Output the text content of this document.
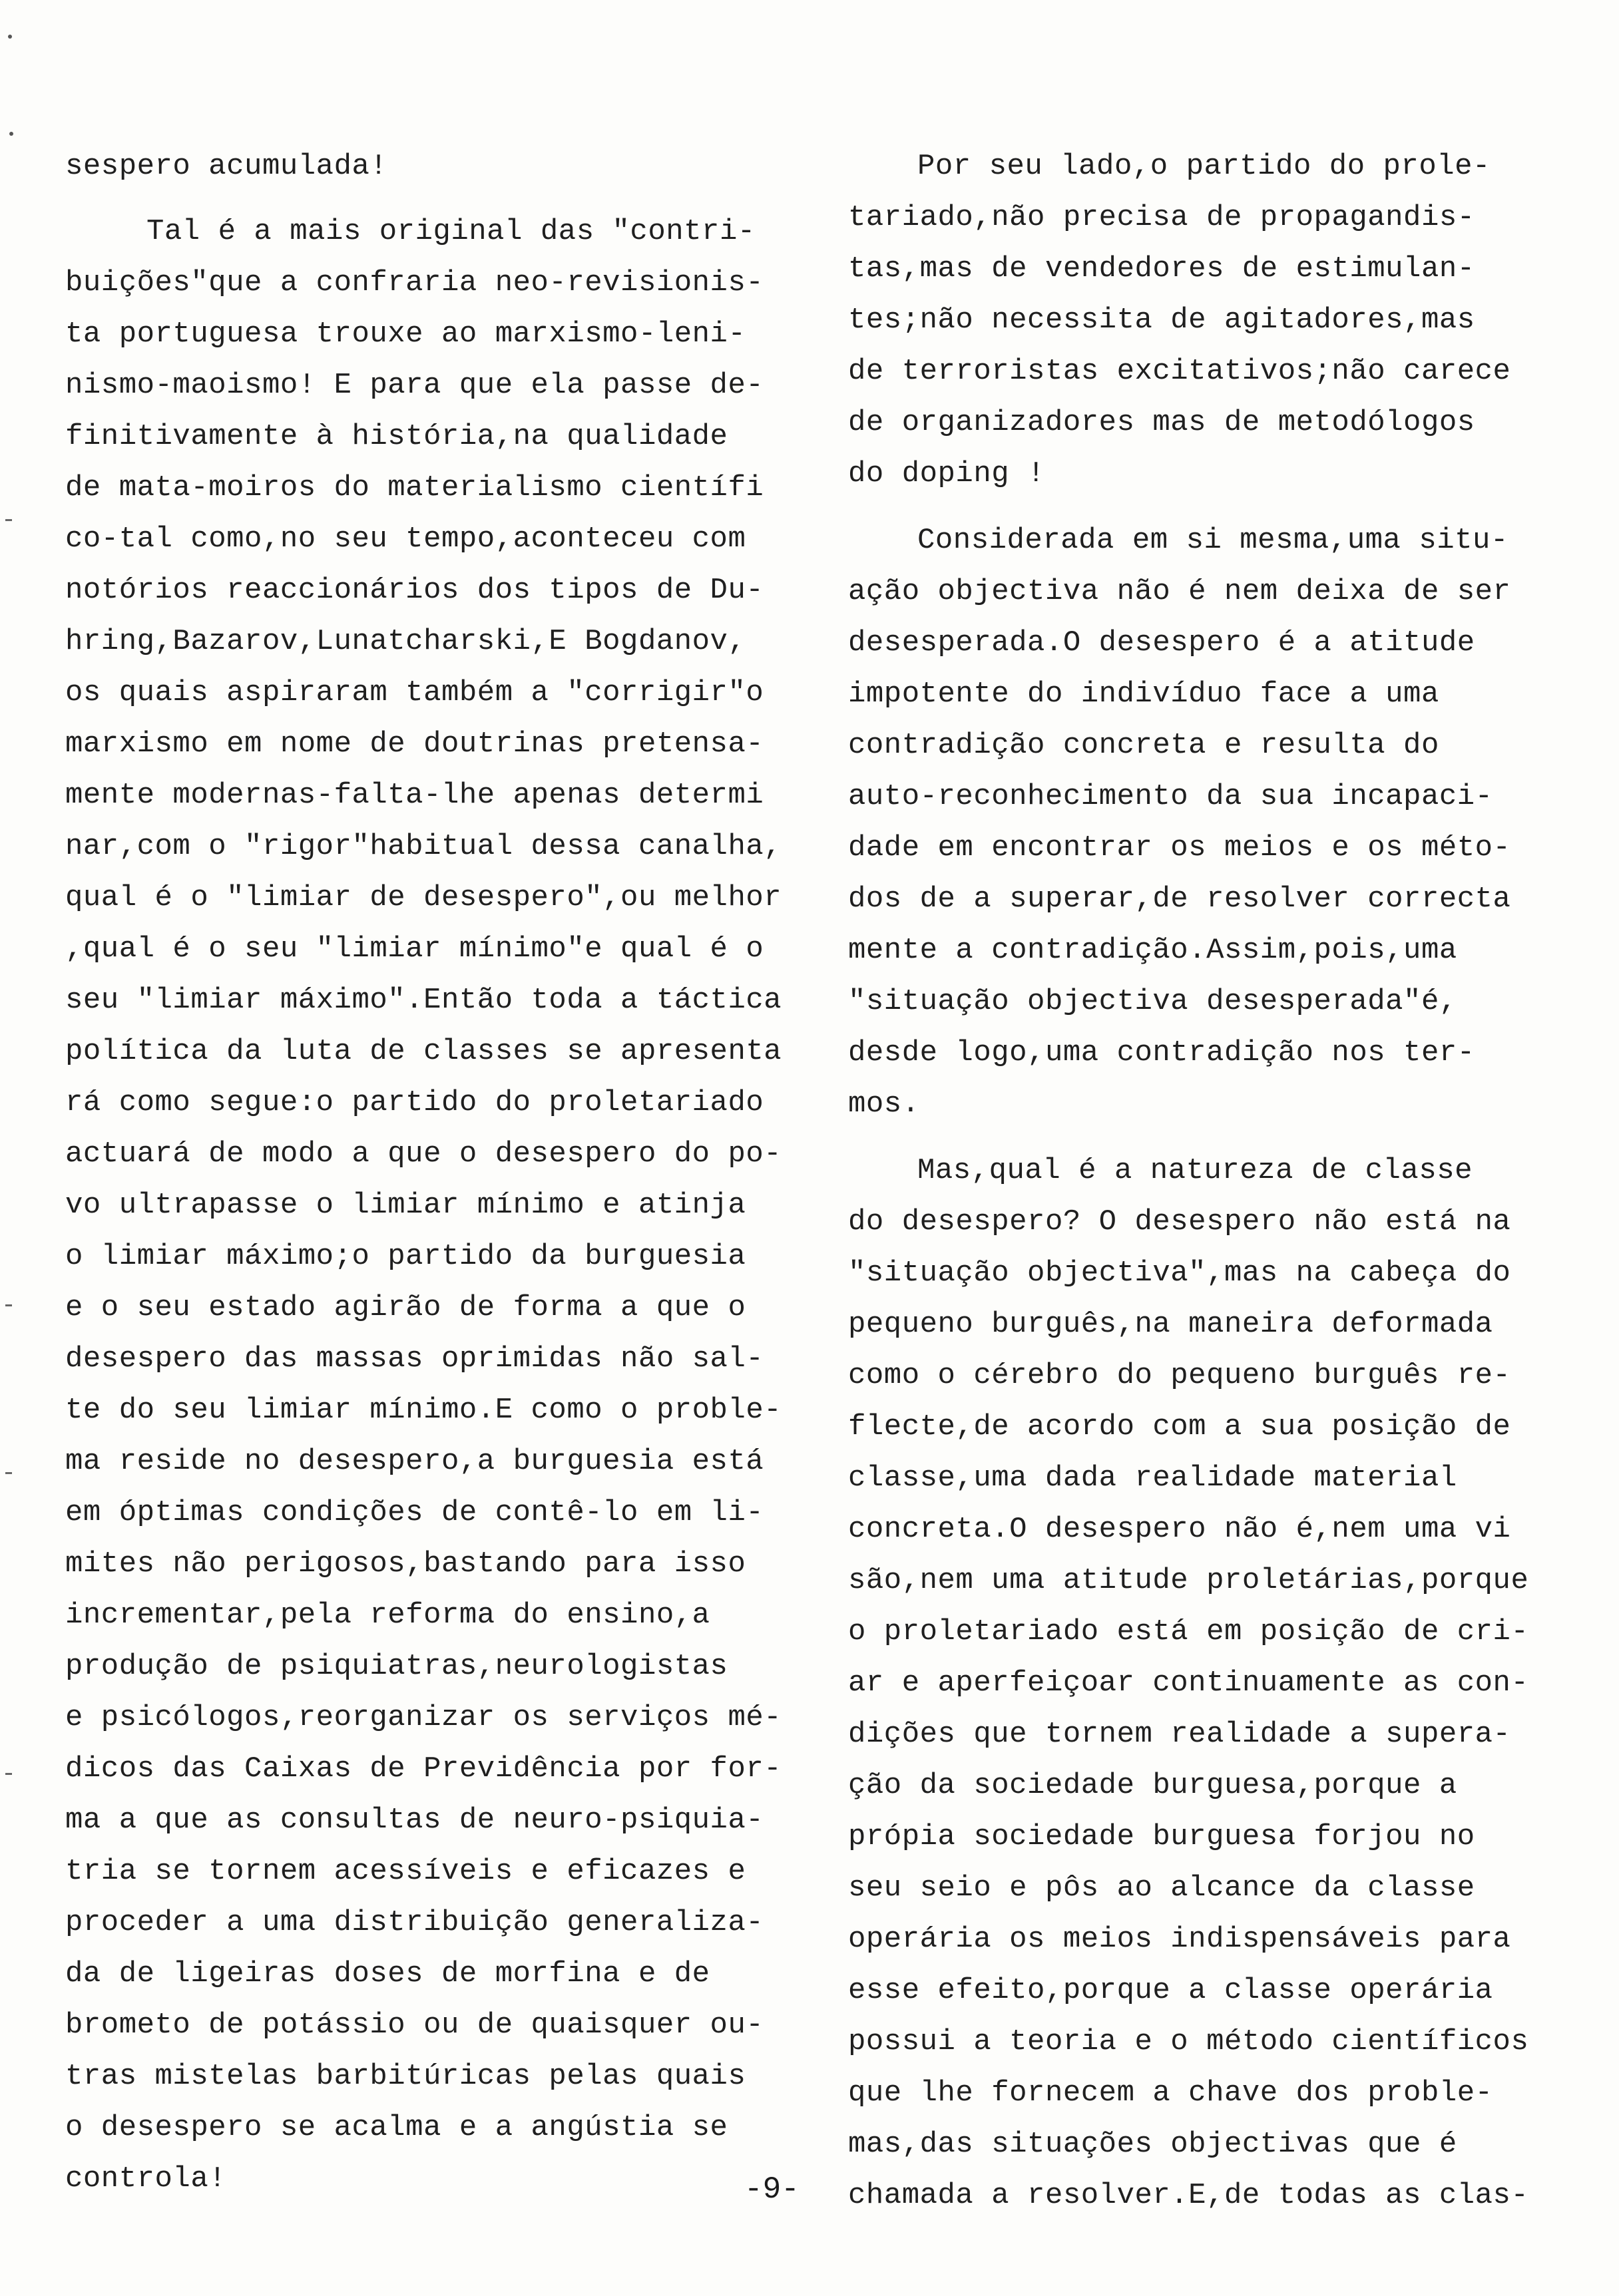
sespero acumulada!
Tal é a mais original das "contri-
buições"que a confraria neo-revisionis-
ta portuguesa trouxe ao marxismo-leni-
nismo-maoismo! E para que ela passe de-
finitivamente à história,na qualidade
de mata-moiros do materialismo científi
co-tal como,no seu tempo,aconteceu com
notórios reaccionários dos tipos de Du-
hring,Bazarov,Lunatcharski,E Bogdanov,
os quais aspiraram também a "corrigir"o
marxismo em nome de doutrinas pretensa-
mente modernas-falta-lhe apenas determi
nar,com o "rigor"habitual dessa canalha,
qual é o "limiar de desespero",ou melhor
,qual é o seu "limiar mínimo"e qual é o
seu "limiar máximo".Então toda a táctica
política da luta de classes se apresenta
rá como segue:o partido do proletariado
actuará de modo a que o desespero do po-
vo ultrapasse o limiar mínimo e atinja
o limiar máximo;o partido da burguesia
e o seu estado agirão de forma a que o
desespero das massas oprimidas não sal-
te do seu limiar mínimo.E como o proble-
ma reside no desespero,a burguesia está
em óptimas condições de contê-lo em li-
mites não perigosos,bastando para isso
incrementar,pela reforma do ensino,a
produção de psiquiatras,neurologistas
e psicólogos,reorganizar os serviços mé-
dicos das Caixas de Previdência por for-
ma a que as consultas de neuro-psiquia-
tria se tornem acessíveis e eficazes e
proceder a uma distribuição generaliza-
da de ligeiras doses de morfina e de
brometo de potássio ou de quaisquer ou-
tras mistelas barbitúricas pelas quais
o desespero se acalma e a angústia se
controla!
Por seu lado,o partido do prole-
tariado,não precisa de propagandis-
tas,mas de vendedores de estimulan-
tes;não necessita de agitadores,mas
de terroristas excitativos;não carece
de organizadores mas de metodólogos
do doping !
Considerada em si mesma,uma situ-
ação objectiva não é nem deixa de ser
desesperada.O desespero é a atitude
impotente do indivíduo face a uma
contradição concreta e resulta do
auto-reconhecimento da sua incapaci-
dade em encontrar os meios e os méto-
dos de a superar,de resolver correcta
mente a contradição.Assim,pois,uma
"situação objectiva desesperada"é,
desde logo,uma contradição nos ter-
mos.
Mas,qual é a natureza de classe
do desespero? O desespero não está na
"situação objectiva",mas na cabeça do
pequeno burguês,na maneira deformada
como o cérebro do pequeno burguês re-
flecte,de acordo com a sua posição de
classe,uma dada realidade material
concreta.O desespero não é,nem uma vi
são,nem uma atitude proletárias,porque
o proletariado está em posição de cri-
ar e aperfeiçoar continuamente as con-
dições que tornem realidade a supera-
ção da sociedade burguesa,porque a
própia sociedade burguesa forjou no
seu seio e pôs ao alcance da classe
operária os meios indispensáveis para
esse efeito,porque a classe operária
possui a teoria e o método científicos
que lhe fornecem a chave dos proble-
mas,das situações objectivas que é
chamada a resolver.E,de todas as clas-
-9-
